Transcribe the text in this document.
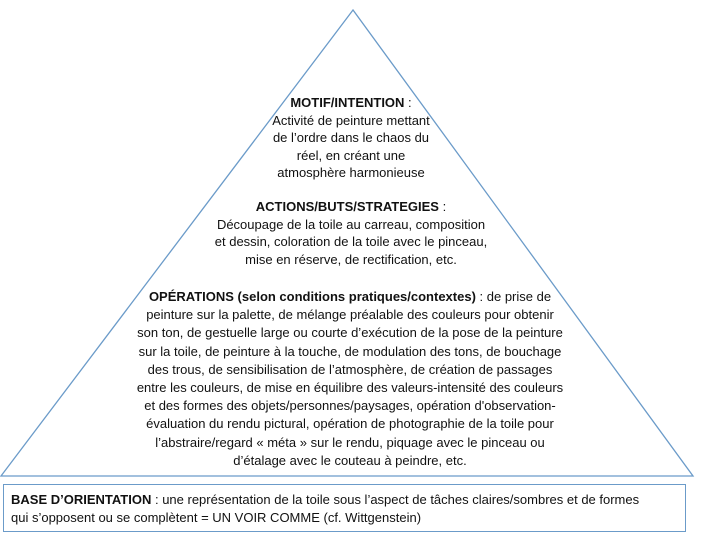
MOTIF/INTENTION :
Activité de peinture mettant
de l’ordre dans le chaos du
réel, en créant une
atmosphère harmonieuse
ACTIONS/BUTS/STRATEGIES :
Découpage de la toile au carreau, composition
et dessin, coloration de la toile avec le pinceau,
mise en réserve, de rectification, etc.
OPÉRATIONS (selon conditions pratiques/contextes) : de prise de
peinture sur la palette, de mélange préalable des couleurs pour obtenir
son ton, de gestuelle large ou courte d’exécution de la pose de la peinture
sur la toile, de peinture à la touche, de modulation des tons, de bouchage
des trous, de sensibilisation de l’atmosphère, de création de passages
entre les couleurs, de mise en équilibre des valeurs-intensité des couleurs
et des formes des objets/personnes/paysages, opération d'observation-
évaluation du rendu pictural, opération de photographie de la toile pour
l’abstraire/regard « méta » sur le rendu, piquage avec le pinceau ou
d’étalage avec le couteau à peindre, etc.
BASE D’ORIENTATION : une représentation de la toile sous l’aspect de tâches claires/sombres et de formes
qui s’opposent ou se complètent = UN VOIR COMME (cf. Wittgenstein)
